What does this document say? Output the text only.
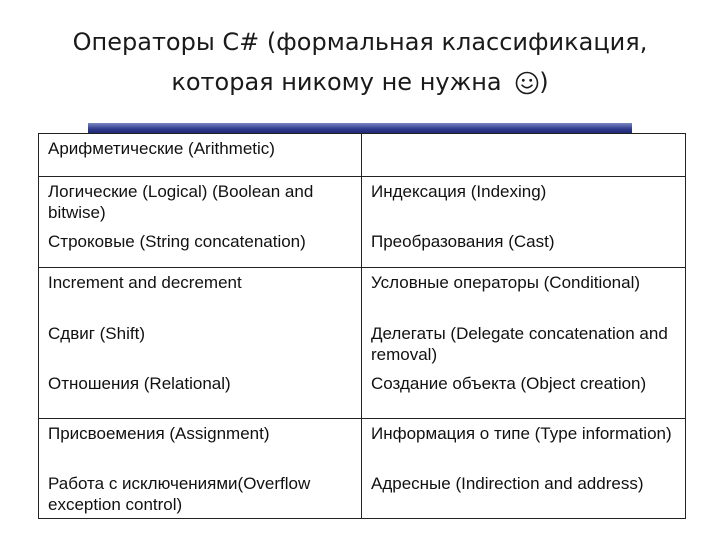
Операторы C# (формальная классификация,
которая никому не нужна )
Арифметические (Arithmetic)	
Логические (Logical) (Boolean and bitwise)	Индексация (Indexing)
Строковые (String concatenation)	Преобразования (Cast)
Increment and decrement	Условные операторы (Conditional)
Сдвиг (Shift)	Делегаты (Delegate concatenation and removal)
Отношения (Relational)	Создание объекта (Object creation)
Присвоемения (Assignment)	Информация о типе (Type information)
Работа с исключениями(Overflow exception control)	Адресные (Indirection and address)
